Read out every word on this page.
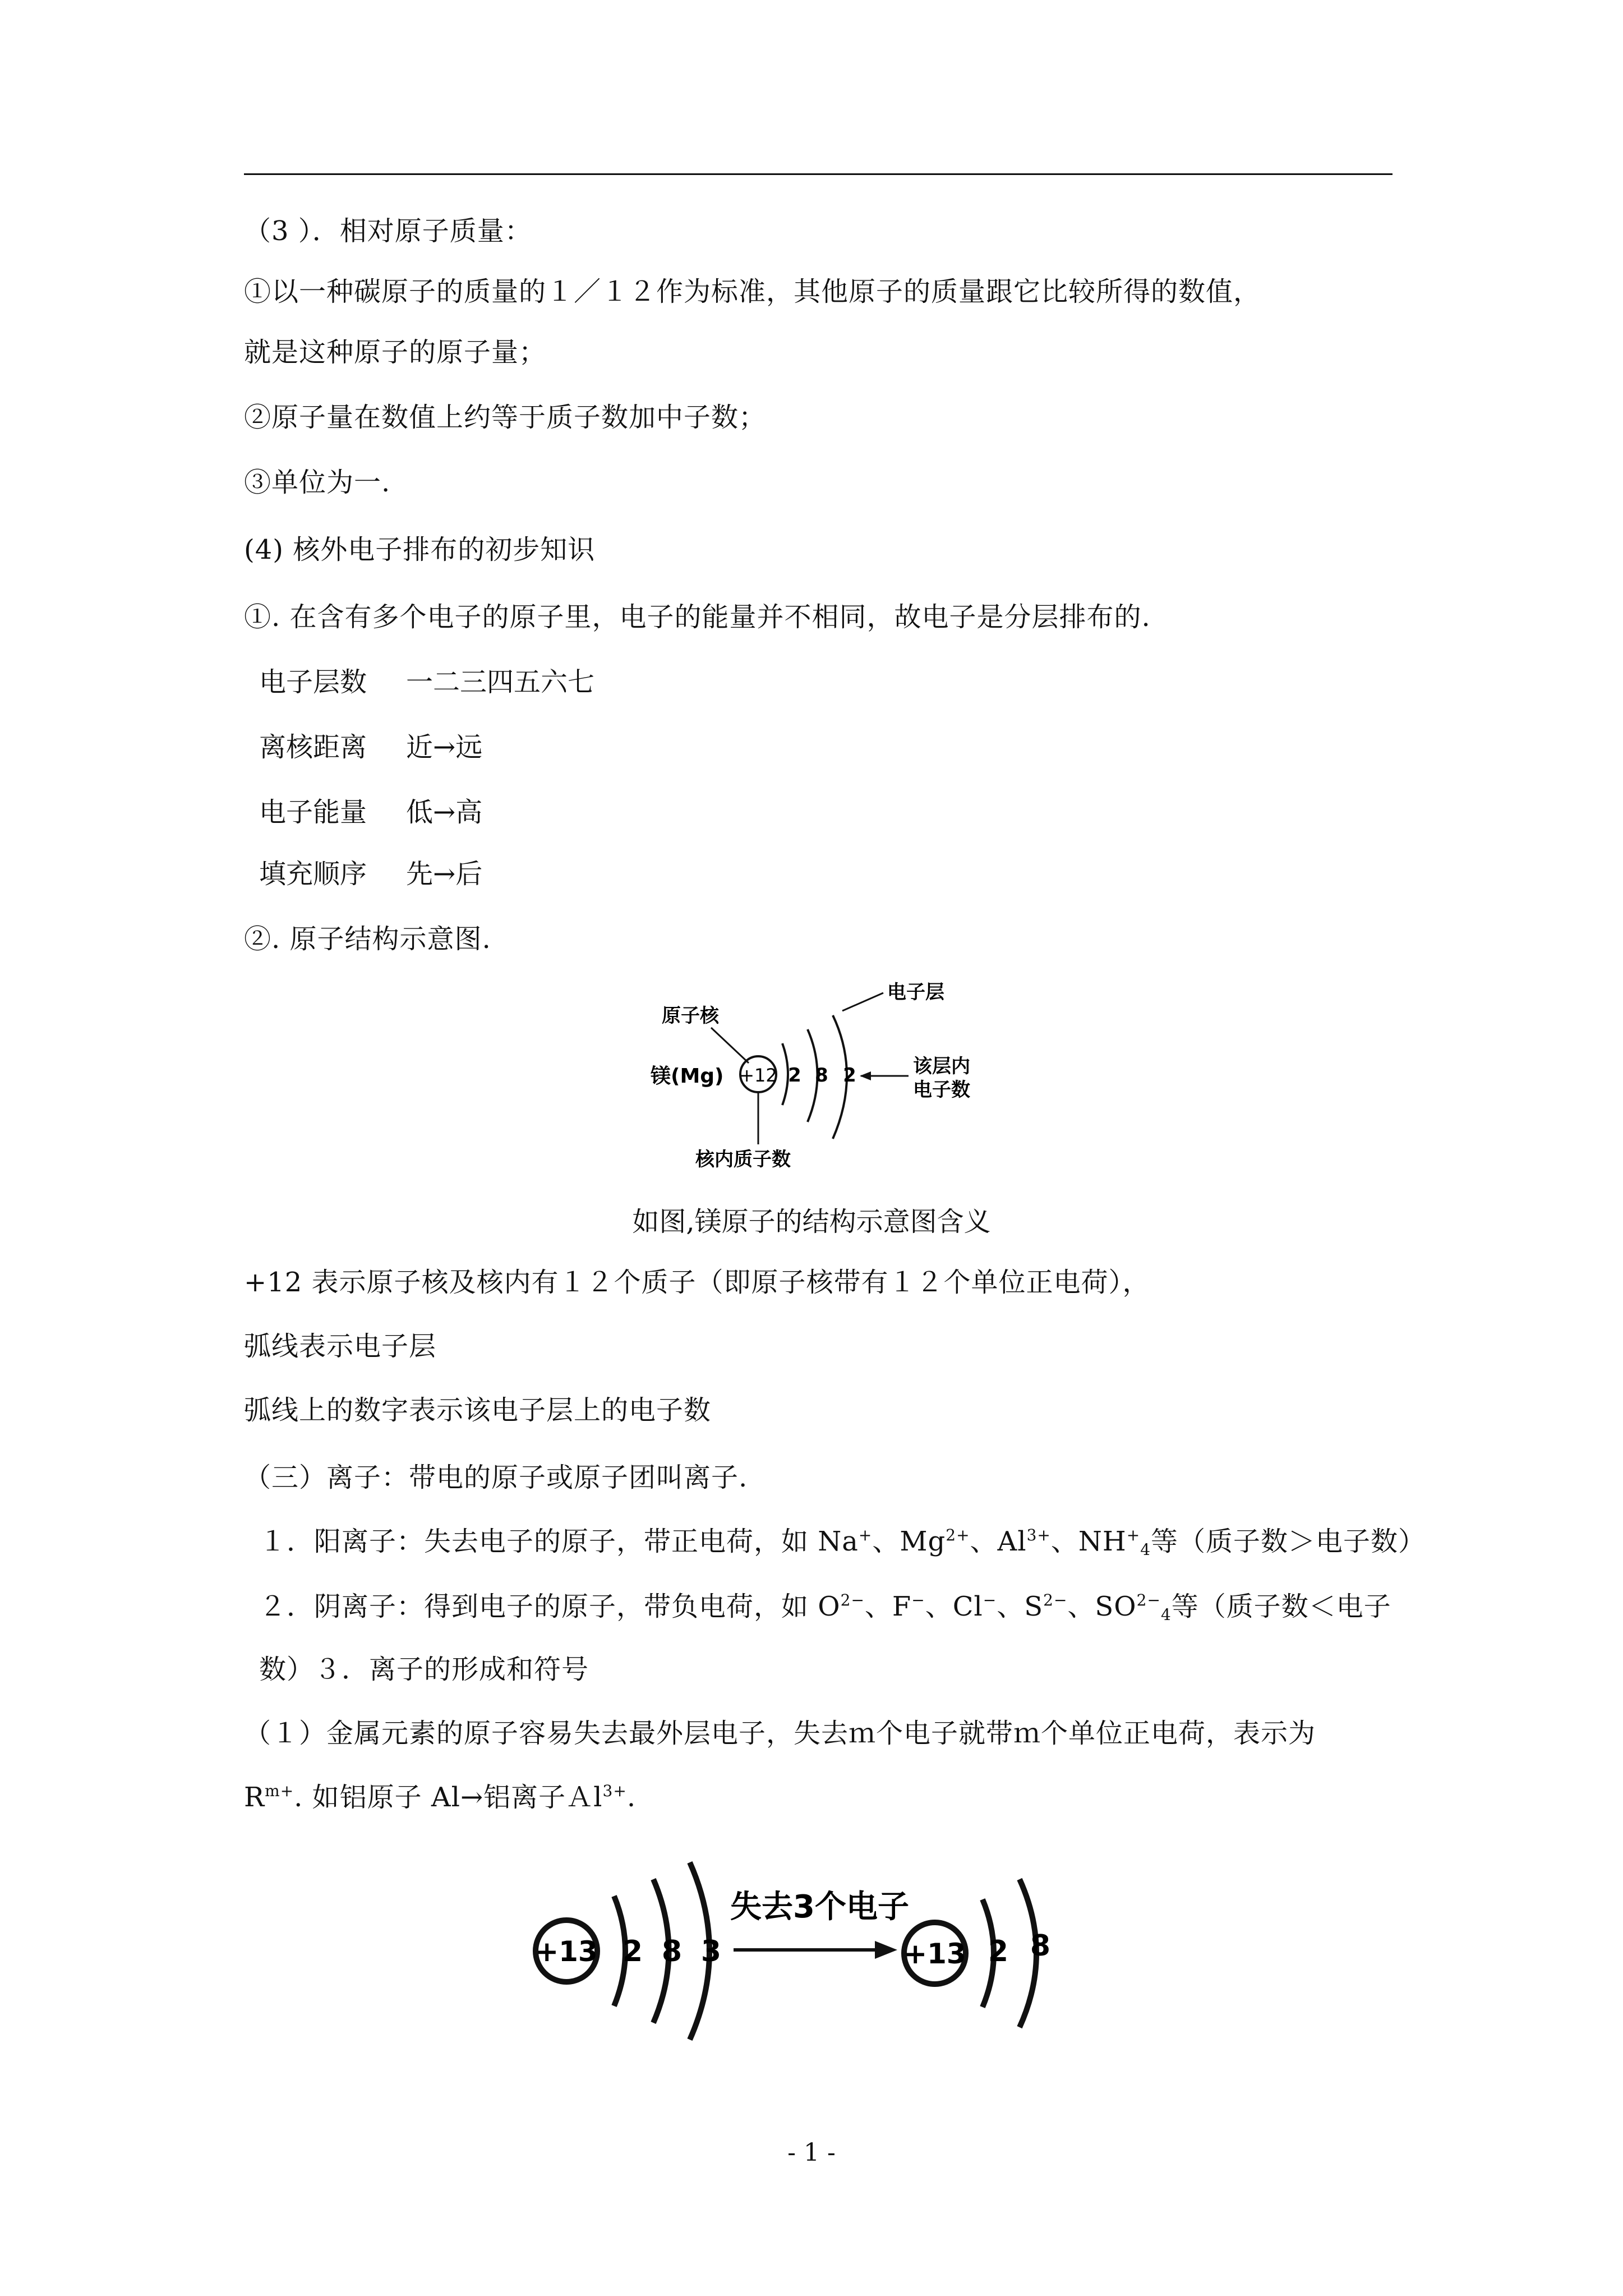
（3 ）．相对原子质量：
①以一种碳原子的质量的１／１２作为标准，其他原子的质量跟它比较所得的数值，
就是这种原子的原子量；
②原子量在数值上约等于质子数加中子数；
③单位为一.
(4) 核外电子排布的初步知识
①. 在含有多个电子的原子里，电子的能量并不相同，故电子是分层排布的.
电子层数 一二三四五六七
离核距离 近→远
电子能量 低→高
填充顺序 先→后
②. 原子结构示意图.
+12
镁(Mg)
原子核
2 8 2
电子层
该层内
电子数
核内质子数
如图,镁原子的结构示意图含义
+12 表示原子核及核内有１２个质子（即原子核带有１２个单位正电荷），
弧线表示电子层
弧线上的数字表示该电子层上的电子数
（三）离子：带电的原子或原子团叫离子.
１．阳离子：失去电子的原子，带正电荷，如 Na+、$Mg^{2+}$、$Al^{3+}$、$NH^+_4$等（质子数＞电子数）
２．阴离子：得到电子的原子，带负电荷，如 $O^{2-}$、F−、Cl−、$S^{2-}$、$SO^{2-}_4$等（质子数＜电子
数）３．离子的形成和符号
（１）金属元素的原子容易失去最外层电子，失去ｍ个电子就带ｍ个单位正电荷，表示为
$R^{m+}$. 如铝原子 Al→铝离子Ａl$^{3+}$.
+13 2 8 3
失去3个电子
+13 2 8
- 1 -
